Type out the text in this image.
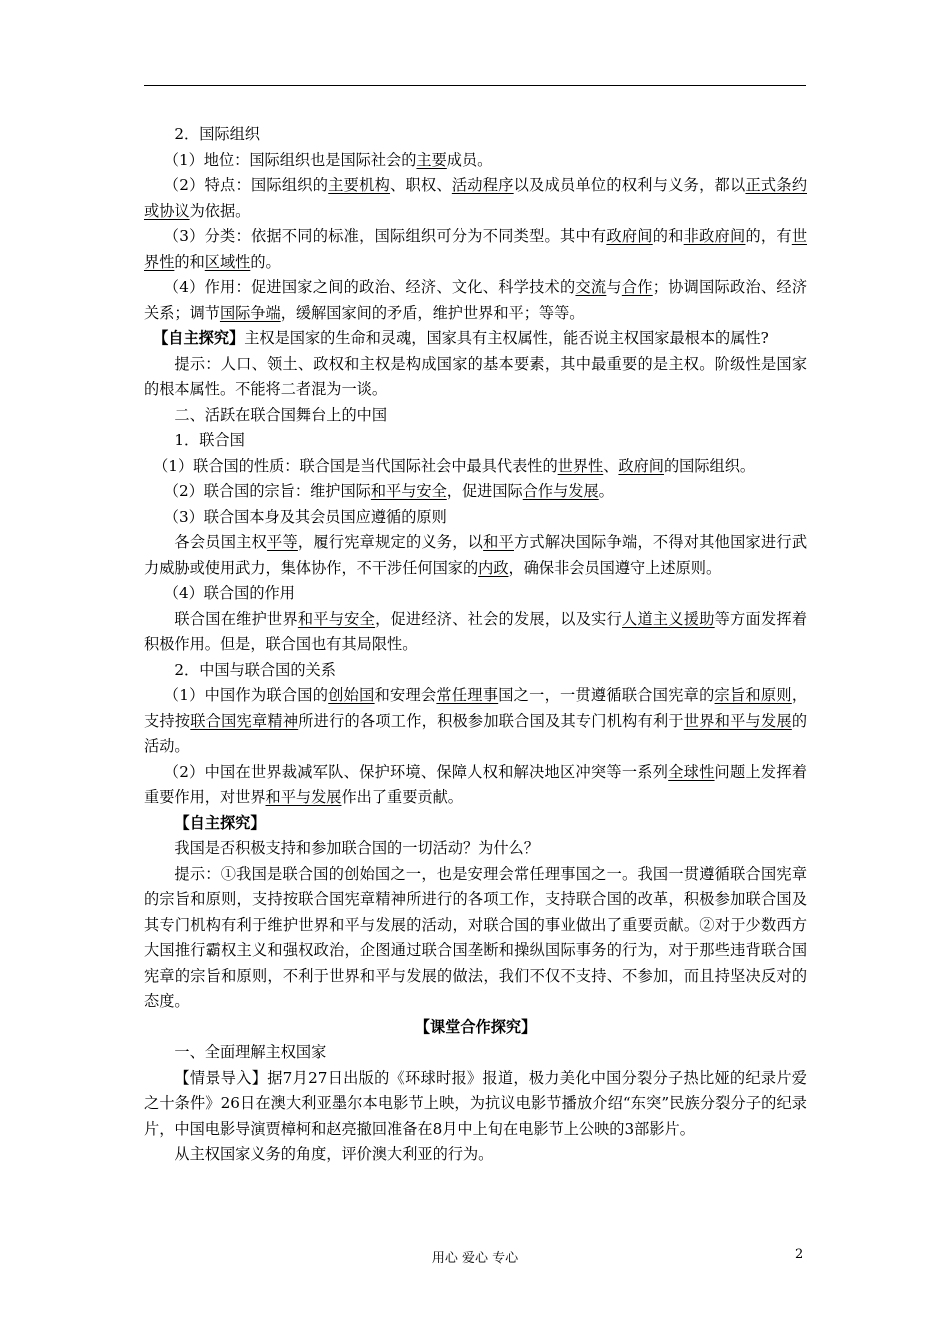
2．国际组织

（1）地位：国际组织也是国际社会的主要成员。

（2）特点：国际组织的主要机构、职权、活动程序以及成员单位的权利与义务，都以正式条约或协议为依据。

（3）分类：依据不同的标准，国际组织可分为不同类型。其中有政府间的和非政府间的，有世界性的和区域性的。

（4）作用：促进国家之间的政治、经济、文化、科学技术的交流与合作；协调国际政治、经济关系；调节国际争端，缓解国家间的矛盾，维护世界和平；等等。

【自主探究】主权是国家的生命和灵魂，国家具有主权属性，能否说主权国家最根本的属性?

提示：人口、领土、政权和主权是构成国家的基本要素，其中最重要的是主权。阶级性是国家的根本属性。不能将二者混为一谈。

二、活跃在联合国舞台上的中国

1．联合国

（1）联合国的性质：联合国是当代国际社会中最具代表性的世界性、政府间的国际组织。

（2）联合国的宗旨：维护国际和平与安全，促进国际合作与发展。

（3）联合国本身及其会员国应遵循的原则

各会员国主权平等，履行宪章规定的义务，以和平方式解决国际争端，不得对其他国家进行武力威胁或使用武力，集体协作，不干涉任何国家的内政，确保非会员国遵守上述原则。

（4）联合国的作用

联合国在维护世界和平与安全，促进经济、社会的发展，以及实行人道主义援助等方面发挥着积极作用。但是，联合国也有其局限性。

2．中国与联合国的关系

（1）中国作为联合国的创始国和安理会常任理事国之一，一贯遵循联合国宪章的宗旨和原则，支持按联合国宪章精神所进行的各项工作，积极参加联合国及其专门机构有利于世界和平与发展的活动。

（2）中国在世界裁减军队、保护环境、保障人权和解决地区冲突等一系列全球性问题上发挥着重要作用，对世界和平与发展作出了重要贡献。

【自主探究】

我国是否积极支持和参加联合国的一切活动？为什么？

提示：①我国是联合国的创始国之一，也是安理会常任理事国之一。我国一贯遵循联合国宪章的宗旨和原则，支持按联合国宪章精神所进行的各项工作，支持联合国的改革，积极参加联合国及其专门机构有利于维护世界和平与发展的活动，对联合国的事业做出了重要贡献。②对于少数西方大国推行霸权主义和强权政治，企图通过联合国垄断和操纵国际事务的行为，对于那些违背联合国宪章的宗旨和原则，不利于世界和平与发展的做法，我们不仅不支持、不参加，而且持坚决反对的态度。

【课堂合作探究】

一、全面理解主权国家

【情景导入】据7月27日出版的《环球时报》报道，极力美化中国分裂分子热比娅的纪录片爱之十条件》26日在澳大利亚墨尔本电影节上映，为抗议电影节播放介绍“东突”民族分裂分子的纪录片，中国电影导演贾樟柯和赵亮撤回准备在8月中上旬在电影节上公映的3部影片。

从主权国家义务的角度，评价澳大利亚的行为。

用心 爱心 专心	2
